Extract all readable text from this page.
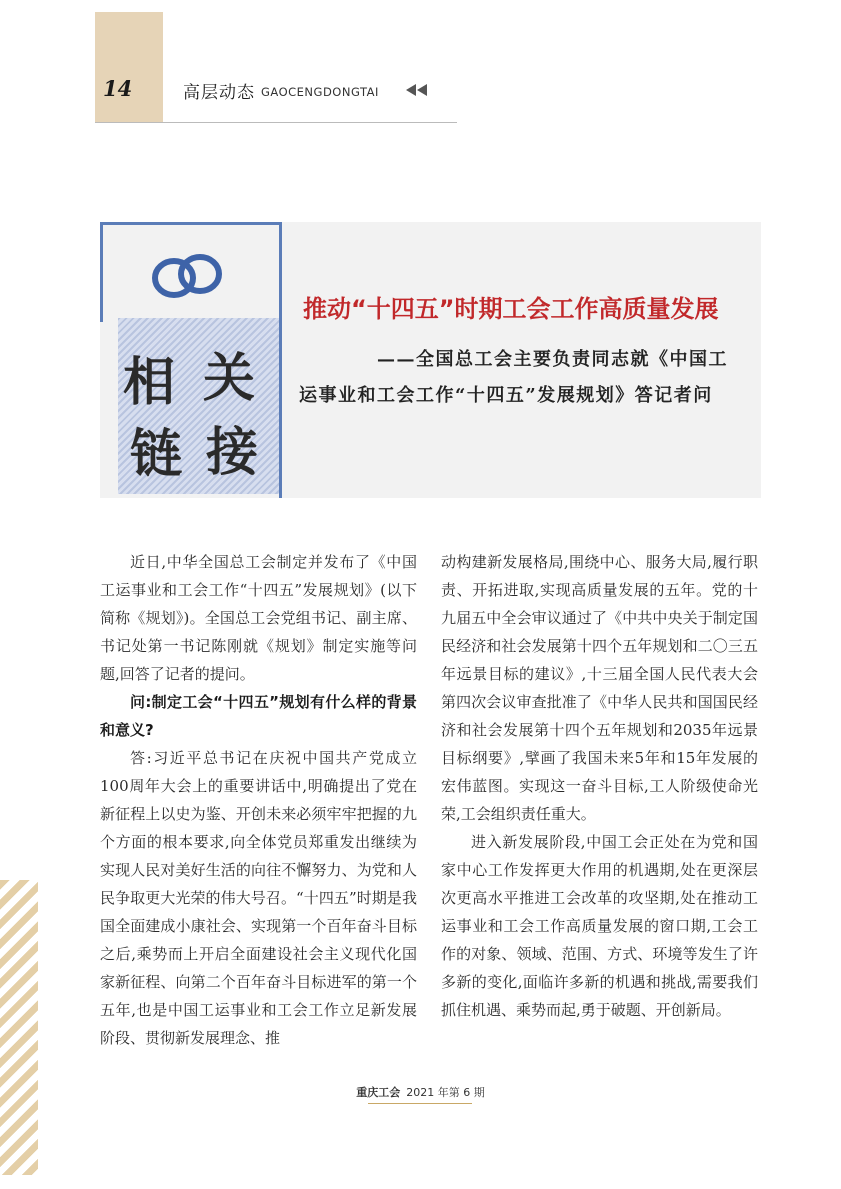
14	高层动态 GAOCENGDONGTAI
相 关
链 接
推动“十四五”时期工会工作高质量发展
——全国总工会主要负责同志就《中国工
运事业和工会工作“十四五”发展规划》答记者问

近日,中华全国总工会制定并发布了《中国工运事业和工会工作“十四五”发展规划》(以下简称《规划》)。全国总工会党组书记、副主席、书记处第一书记陈刚就《规划》制定实施等问题,回答了记者的提问。

问:制定工会“十四五”规划有什么样的背景和意义?

答:习近平总书记在庆祝中国共产党成立100周年大会上的重要讲话中,明确提出了党在新征程上以史为鉴、开创未来必须牢牢把握的九个方面的根本要求,向全体党员郑重发出继续为实现人民对美好生活的向往不懈努力、为党和人民争取更大光荣的伟大号召。“十四五”时期是我国全面建成小康社会、实现第一个百年奋斗目标之后,乘势而上开启全面建设社会主义现代化国家新征程、向第二个百年奋斗目标进军的第一个五年,也是中国工运事业和工会工作立足新发展阶段、贯彻新发展理念、推

动构建新发展格局,围绕中心、服务大局,履行职责、开拓进取,实现高质量发展的五年。党的十九届五中全会审议通过了《中共中央关于制定国民经济和社会发展第十四个五年规划和二〇三五年远景目标的建议》,十三届全国人民代表大会第四次会议审查批准了《中华人民共和国国民经济和社会发展第十四个五年规划和2035年远景目标纲要》,擘画了我国未来5年和15年发展的宏伟蓝图。实现这一奋斗目标,工人阶级使命光荣,工会组织责任重大。

进入新发展阶段,中国工会正处在为党和国家中心工作发挥更大作用的机遇期,处在更深层次更高水平推进工会改革的攻坚期,处在推动工运事业和工会工作高质量发展的窗口期,工会工作的对象、领域、范围、方式、环境等发生了许多新的变化,面临许多新的机遇和挑战,需要我们抓住机遇、乘势而起,勇于破题、开创新局。

重庆工会 2021 年第 6 期
